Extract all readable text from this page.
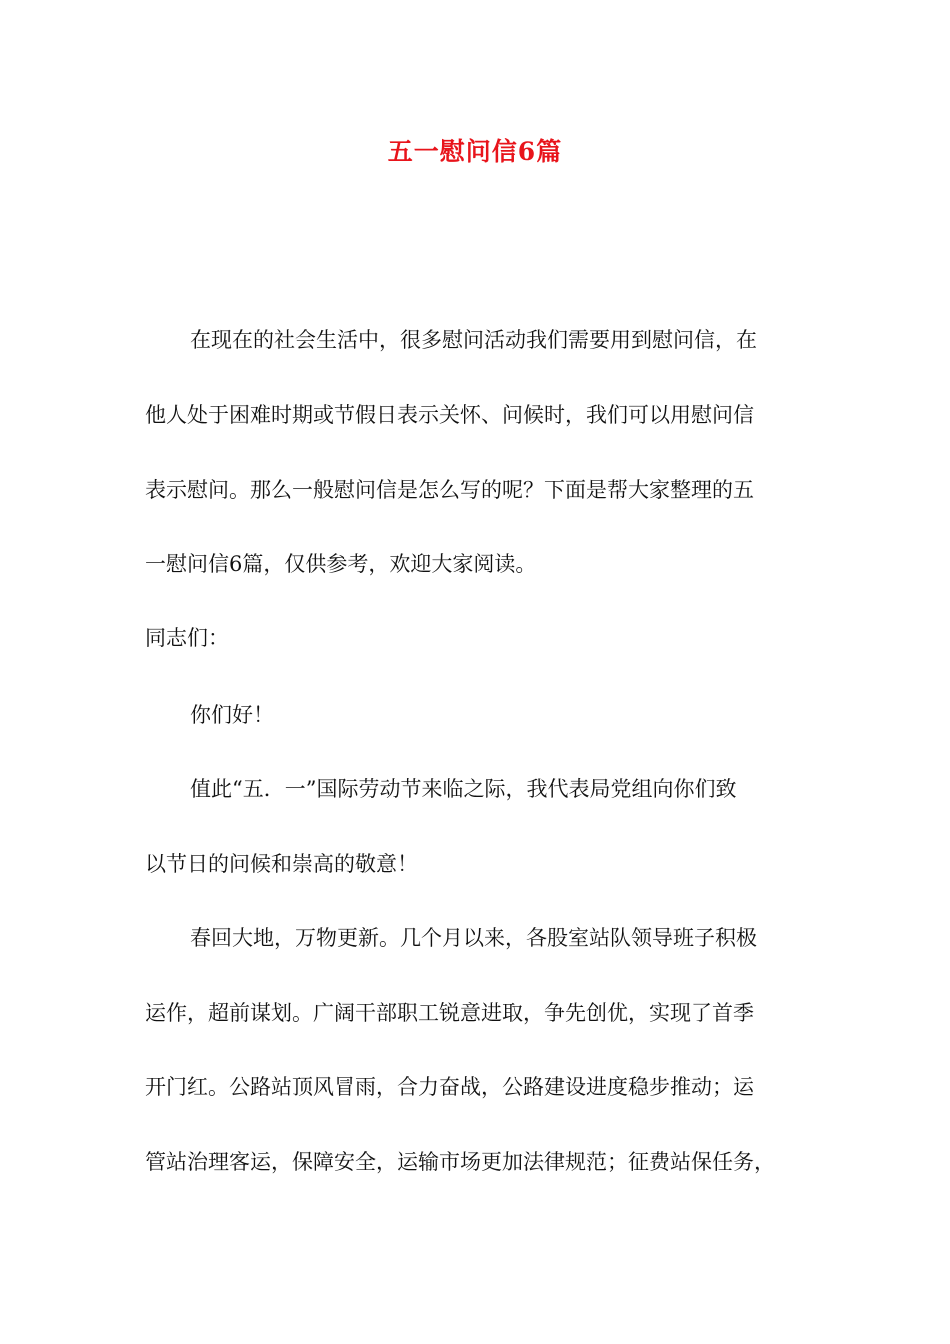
五一慰问信6篇
在现在的社会生活中，很多慰问活动我们需要用到慰问信，在
他人处于困难时期或节假日表示关怀、问候时，我们可以用慰问信
表示慰问。那么一般慰问信是怎么写的呢？下面是帮大家整理的五
一慰问信6篇，仅供参考，欢迎大家阅读。
同志们：
你们好！
值此“五．一”国际劳动节来临之际，我代表局党组向你们致
以节日的问候和崇高的敬意！
春回大地，万物更新。几个月以来，各股室站队领导班子积极
运作，超前谋划。广阔干部职工锐意进取，争先创优，实现了首季
开门红。公路站顶风冒雨，合力奋战，公路建设进度稳步推动；运
管站治理客运，保障安全，运输市场更加法律规范；征费站保任务，
